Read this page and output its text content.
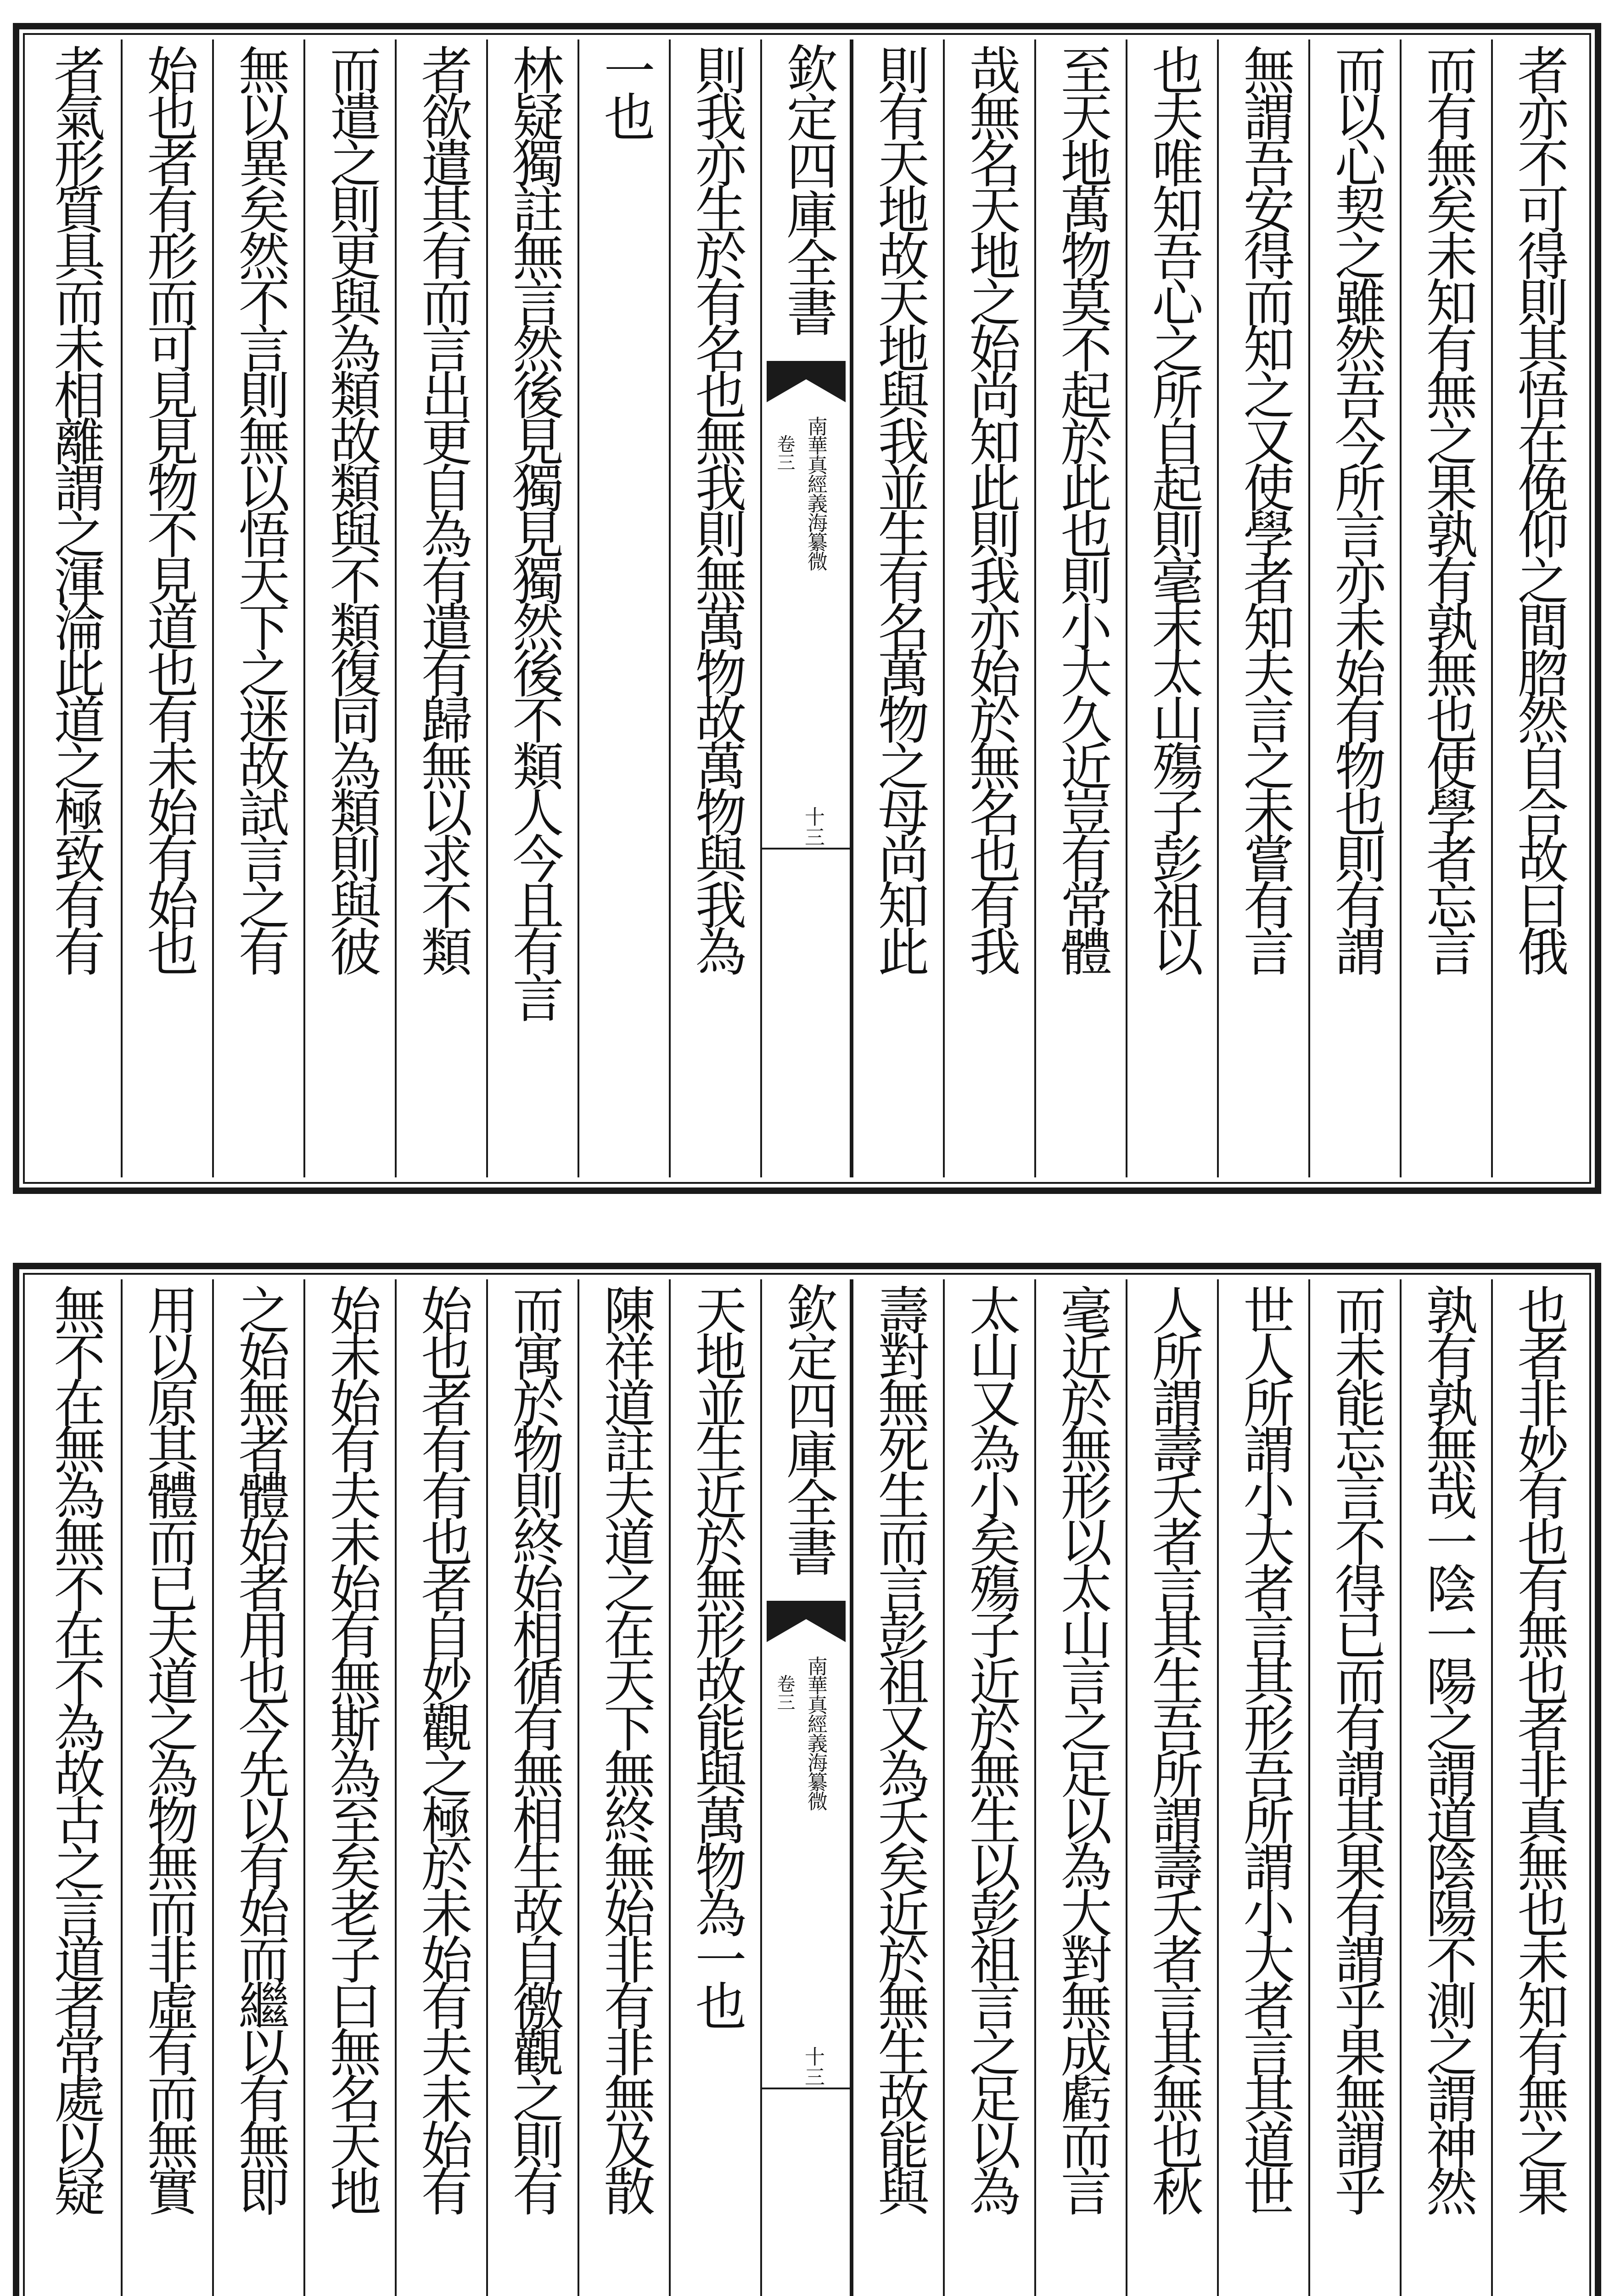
者氣形質具而未相離謂之渾淪此道之極致有有 始也者有形而可見見物不見道也有未始有始也 無以異矣然不言則無以悟天下之迷故試言之有 而遣之則更與為類故類與不類復同為類則與彼 者欲遣其有而言出更自為有遣有歸無以求不類 林疑獨註無言然後見獨見獨然後不類人今且有言 一也 則我亦生於有名也無我則無萬物故萬物與我為 欽定四庫全書
南華真經義海纂微
卷三
十三 則有天地故天地與我並生有名萬物之母尚知此 哉無名天地之始尚知此則我亦始於無名也有我 至天地萬物莫不起於此也則小大久近豈有常體 也夫唯知吾心之所自起則毫末太山殤子彭祖以 無謂吾安得而知之又使學者知夫言之未嘗有言 而以心契之雖然吾今所言亦未始有物也則有謂 而有無矣未知有無之果孰有孰無也使學者忘言 者亦不可得則其悟在俛仰之間脗然自合故曰俄
無不在無為無不在不為故古之言道者常處以疑 用以原其體而已夫道之為物無而非虛有而無實 之始無者體始者用也今先以有始而繼以有無即 始未始有夫未始有無斯為至矣老子曰無名天地 始也者有有也者自妙觀之極於未始有夫未始有 而寓於物則終始相循有無相生故自徼觀之則有 陳祥道註夫道之在天下無終無始非有非無及散 天地並生近於無形故能與萬物為一也 欽定四庫全書
南華真經義海纂微
卷三
十三 壽對無死生而言彭祖又為夭矣近於無生故能與 太山又為小矣殤子近於無生以彭祖言之足以為 毫近於無形以太山言之足以為大對無成虧而言 人所謂壽夭者言其生吾所謂壽夭者言其無也秋 世人所謂小大者言其形吾所謂小大者言其道世 而未能忘言不得已而有謂其果有謂乎果無謂乎 孰有孰無哉一陰一陽之謂道陰陽不測之謂神然 也者非妙有也有無也者非真無也未知有無之果
